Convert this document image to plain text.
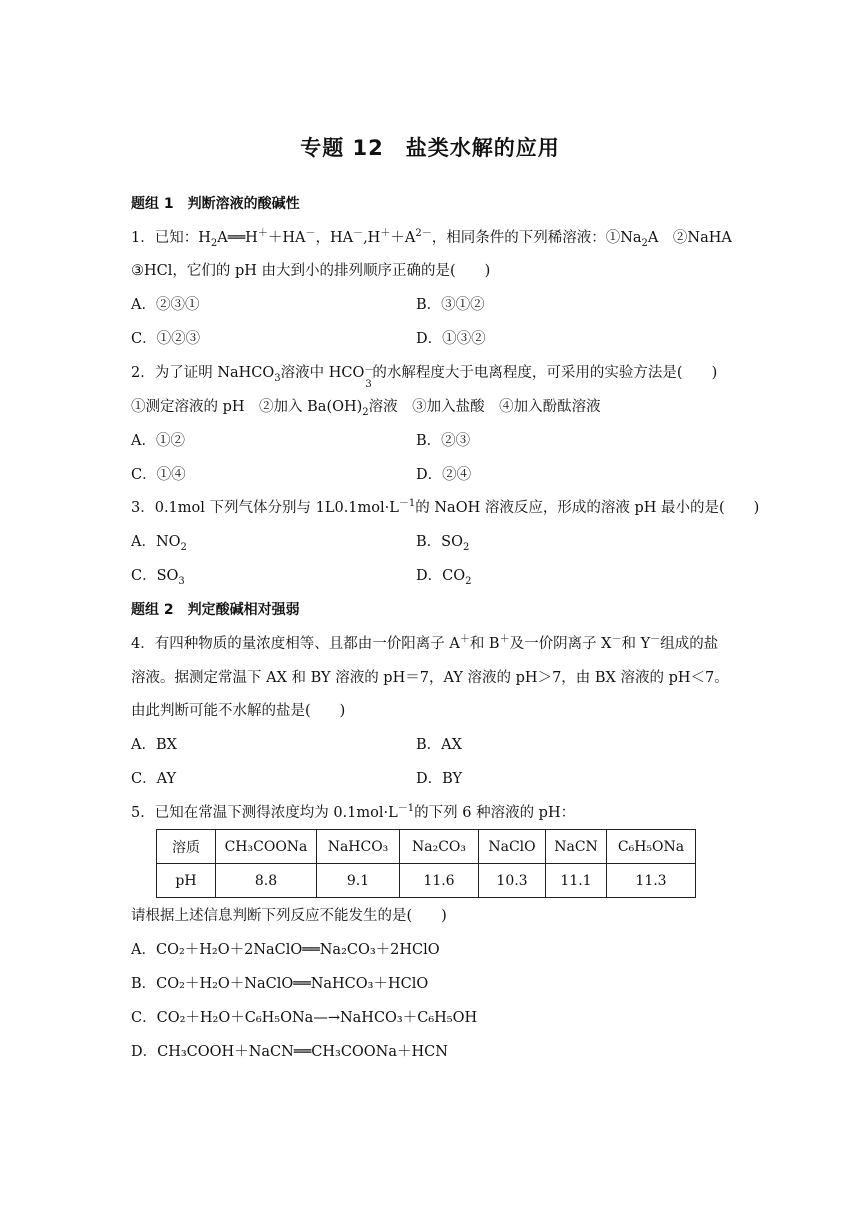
专题 12　盐类水解的应用
题组 1　判断溶液的酸碱性
1．已知：$H_2A══H^++HA^-$，$HA^-,H^++A^{2-}$，相同条件的下列稀溶液：$①Na_2A$　②NaHA
③HCl，它们的 pH 由大到小的排列顺序正确的是(　　)
A．②③①	B．③①②
C．①②③	D．①③②
2．为了证明 NaHCO$_3$溶液中 HCO －
3
的水解程度大于电离程度，可采用的实验方法是(　　)
①测定溶液的 pH　②加入 $Ba(OH)_2$溶液　③加入盐酸　④加入酚酞溶液
A．①②	B．②③
C．①④	D．②④
3．0.1mol 下列气体分别与 $1L0.1mol\cdot L^{-1}$的 NaOH 溶液反应，形成的溶液 pH 最小的是(　　)
A．$NO_2$	B．$SO_2$
C．$SO_3$	D．$CO_2$
题组 2　判定酸碱相对强弱
4．有四种物质的量浓度相等、且都由一价阳离子 A＋和 B＋及一价阴离子 X－和 Y－组成的盐
溶液。据测定常温下 AX 和 BY 溶液的 pH＝7，AY 溶液的 pH＞7，由 BX 溶液的 pH＜7。
由此判断可能不水解的盐是(　　)
A．BX	B．AX
C．AY	D．BY
5．已知在常温下测得浓度均为 $0.1mol\cdot L^{-1}$的下列 6 种溶液的 pH：
溶质	CH₃COONa	NaHCO₃	Na₂CO₃	NaClO	NaCN	C₆H₅ONa
pH	8.8	9.1	11.6	10.3	11.1	11.3
请根据上述信息判断下列反应不能发生的是(　　)
A．CO₂＋H₂O＋2NaClO══Na₂CO₃＋2HClO
B．CO₂＋H₂O＋NaClO══NaHCO₃＋HClO
C．CO₂＋H₂O＋C₆H₅ONa—→NaHCO₃＋C₆H₅OH
D．CH₃COOH＋NaCN══CH₃COONa＋HCN
